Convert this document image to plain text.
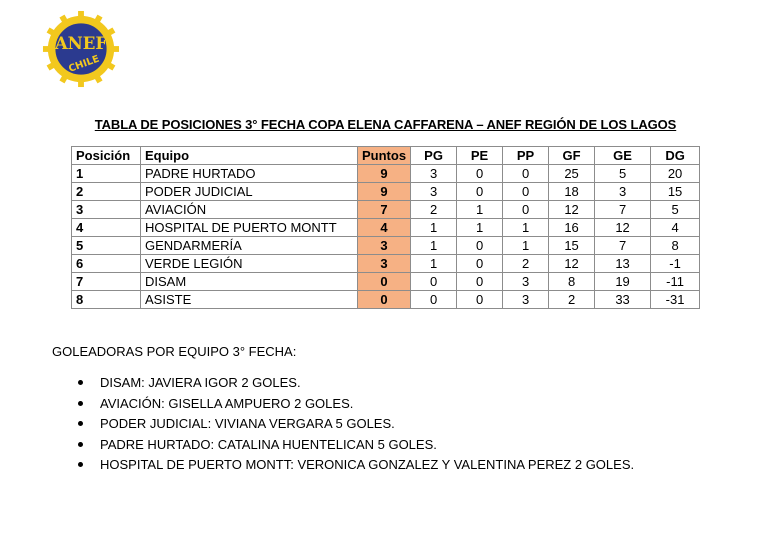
ANEF
CHILE
TABLA DE POSICIONES 3° FECHA COPA ELENA CAFFARENA – ANEF REGIÓN DE LOS LAGOS
Posición	Equipo	Puntos	PG	PE	PP	GF	GE	DG
1	PADRE HURTADO	9	3	0	0	25	5	20
2	PODER JUDICIAL	9	3	0	0	18	3	15
3	AVIACIÓN	7	2	1	0	12	7	5
4	HOSPITAL DE PUERTO MONTT	4	1	1	1	16	12	4
5	GENDARMERÍA	3	1	0	1	15	7	8
6	VERDE LEGIÓN	3	1	0	2	12	13	-1
7	DISAM	0	0	0	3	8	19	-11
8	ASISTE	0	0	0	3	2	33	-31
GOLEADORAS POR EQUIPO 3° FECHA:
DISAM: JAVIERA IGOR 2 GOLES.
AVIACIÓN: GISELLA AMPUERO 2 GOLES.
PODER JUDICIAL: VIVIANA VERGARA 5 GOLES.
PADRE HURTADO: CATALINA HUENTELICAN 5 GOLES.
HOSPITAL DE PUERTO MONTT: VERONICA GONZALEZ Y VALENTINA PEREZ 2 GOLES.
